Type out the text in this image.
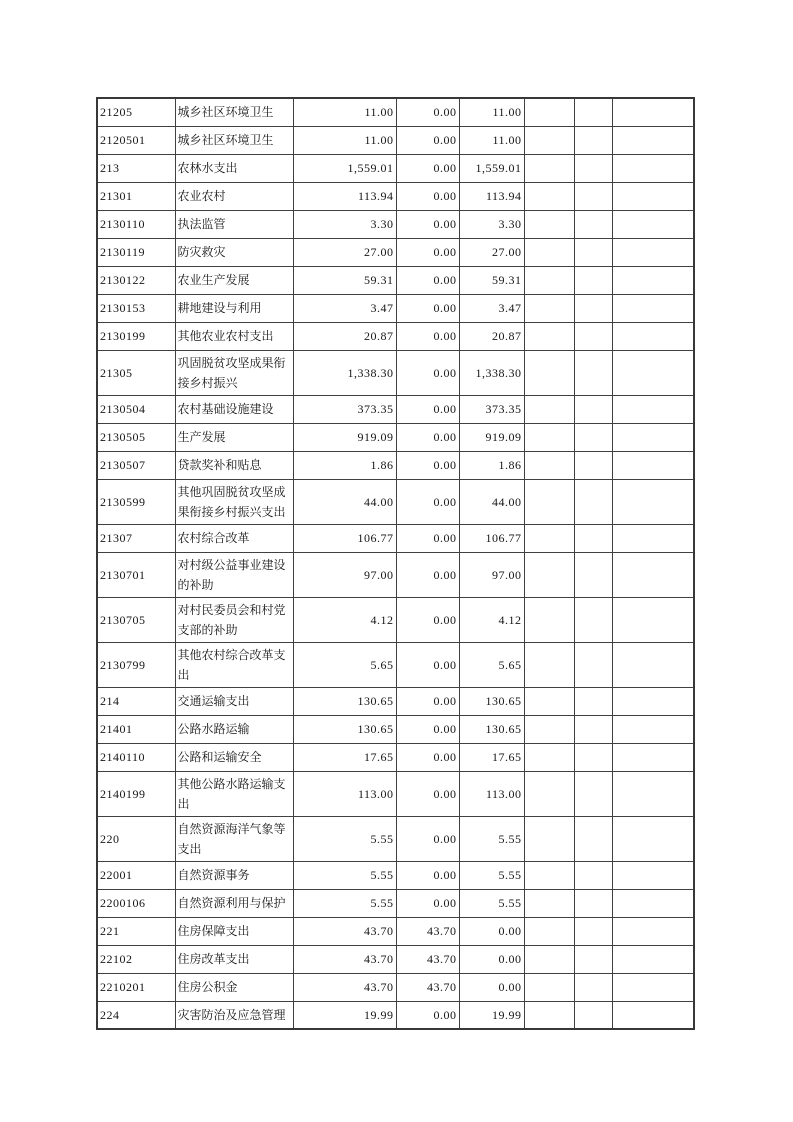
21205	城乡社区环境卫生	11.00	0.00	11.00			
2120501	城乡社区环境卫生	11.00	0.00	11.00			
213	农林水支出	1,559.01	0.00	1,559.01			
21301	农业农村	113.94	0.00	113.94			
2130110	执法监管	3.30	0.00	3.30			
2130119	防灾救灾	27.00	0.00	27.00			
2130122	农业生产发展	59.31	0.00	59.31			
2130153	耕地建设与利用	3.47	0.00	3.47			
2130199	其他农业农村支出	20.87	0.00	20.87			
21305	巩固脱贫攻坚成果衔接乡村振兴	1,338.30	0.00	1,338.30			
2130504	农村基础设施建设	373.35	0.00	373.35			
2130505	生产发展	919.09	0.00	919.09			
2130507	贷款奖补和贴息	1.86	0.00	1.86			
2130599	其他巩固脱贫攻坚成果衔接乡村振兴支出	44.00	0.00	44.00			
21307	农村综合改革	106.77	0.00	106.77			
2130701	对村级公益事业建设的补助	97.00	0.00	97.00			
2130705	对村民委员会和村党支部的补助	4.12	0.00	4.12			
2130799	其他农村综合改革支出	5.65	0.00	5.65			
214	交通运输支出	130.65	0.00	130.65			
21401	公路水路运输	130.65	0.00	130.65			
2140110	公路和运输安全	17.65	0.00	17.65			
2140199	其他公路水路运输支出	113.00	0.00	113.00			
220	自然资源海洋气象等支出	5.55	0.00	5.55			
22001	自然资源事务	5.55	0.00	5.55			
2200106	自然资源利用与保护	5.55	0.00	5.55			
221	住房保障支出	43.70	43.70	0.00			
22102	住房改革支出	43.70	43.70	0.00			
2210201	住房公积金	43.70	43.70	0.00			
224	灾害防治及应急管理	19.99	0.00	19.99			
